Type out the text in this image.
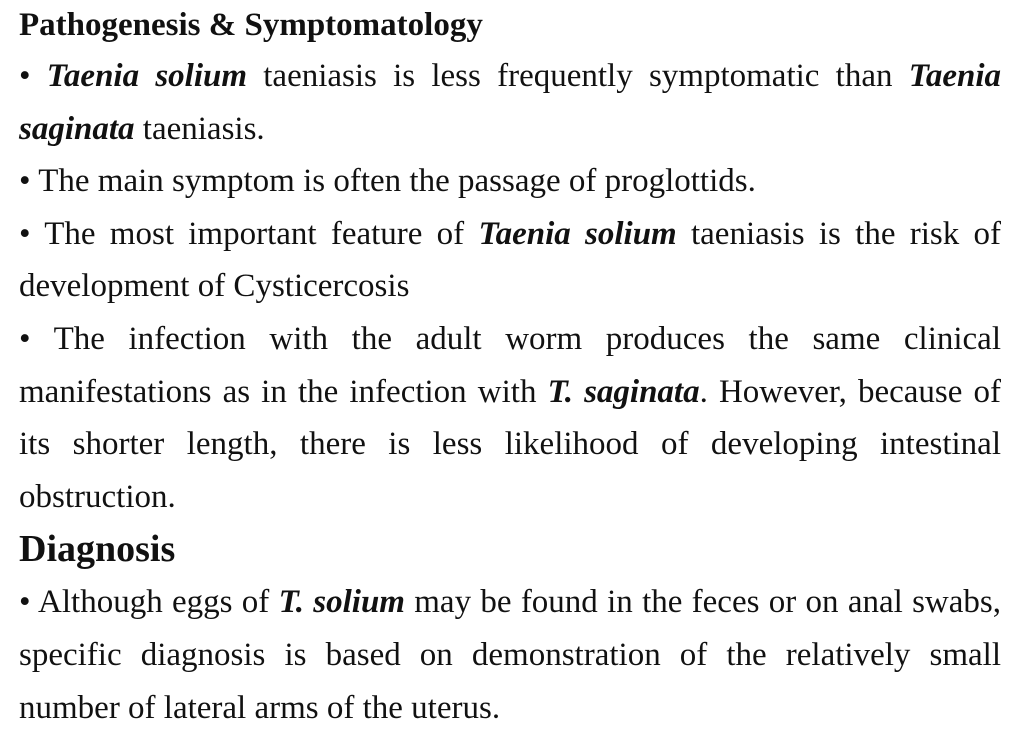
Pathogenesis & Symptomatology
• Taenia solium taeniasis is less frequently symptomatic than Taenia saginata taeniasis.
• The main symptom is often the passage of proglottids.
• The most important feature of Taenia solium taeniasis is the risk of development of Cysticercosis
• The infection with the adult worm produces the same clinical manifestations as in the infection with T. saginata. However, because of its shorter length, there is less likelihood of developing intestinal obstruction.
Diagnosis
• Although eggs of T. solium may be found in the feces or on anal swabs, specific diagnosis is based on demonstration of the relatively small number of lateral arms of the uterus.
